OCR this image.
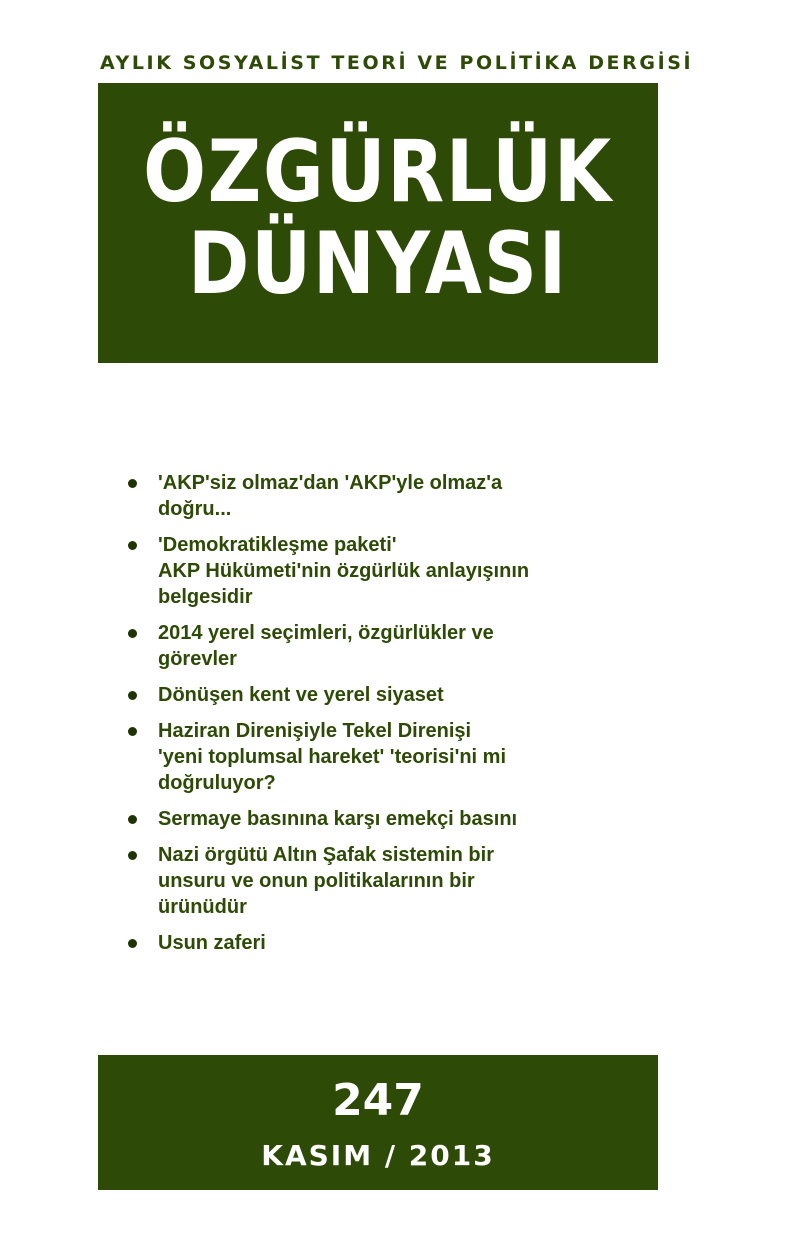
AYLIK SOSYALİST TEORİ VE POLİTİKA DERGİSİ
ÖZGÜRLÜK
DÜNYASI
'AKP'siz olmaz'dan 'AKP'yle olmaz'a
doğru...
'Demokratikleşme paketi'
AKP Hükümeti'nin özgürlük anlayışının
belgesidir
2014 yerel seçimleri, özgürlükler ve
görevler
Dönüşen kent ve yerel siyaset
Haziran Direnişiyle Tekel Direnişi
'yeni toplumsal hareket' 'teorisi'ni mi
doğruluyor?
Sermaye basınına karşı emekçi basını
Nazi örgütü Altın Şafak sistemin bir
unsuru ve onun politikalarının bir
ürünüdür
Usun zaferi
247
KASIM / 2013
